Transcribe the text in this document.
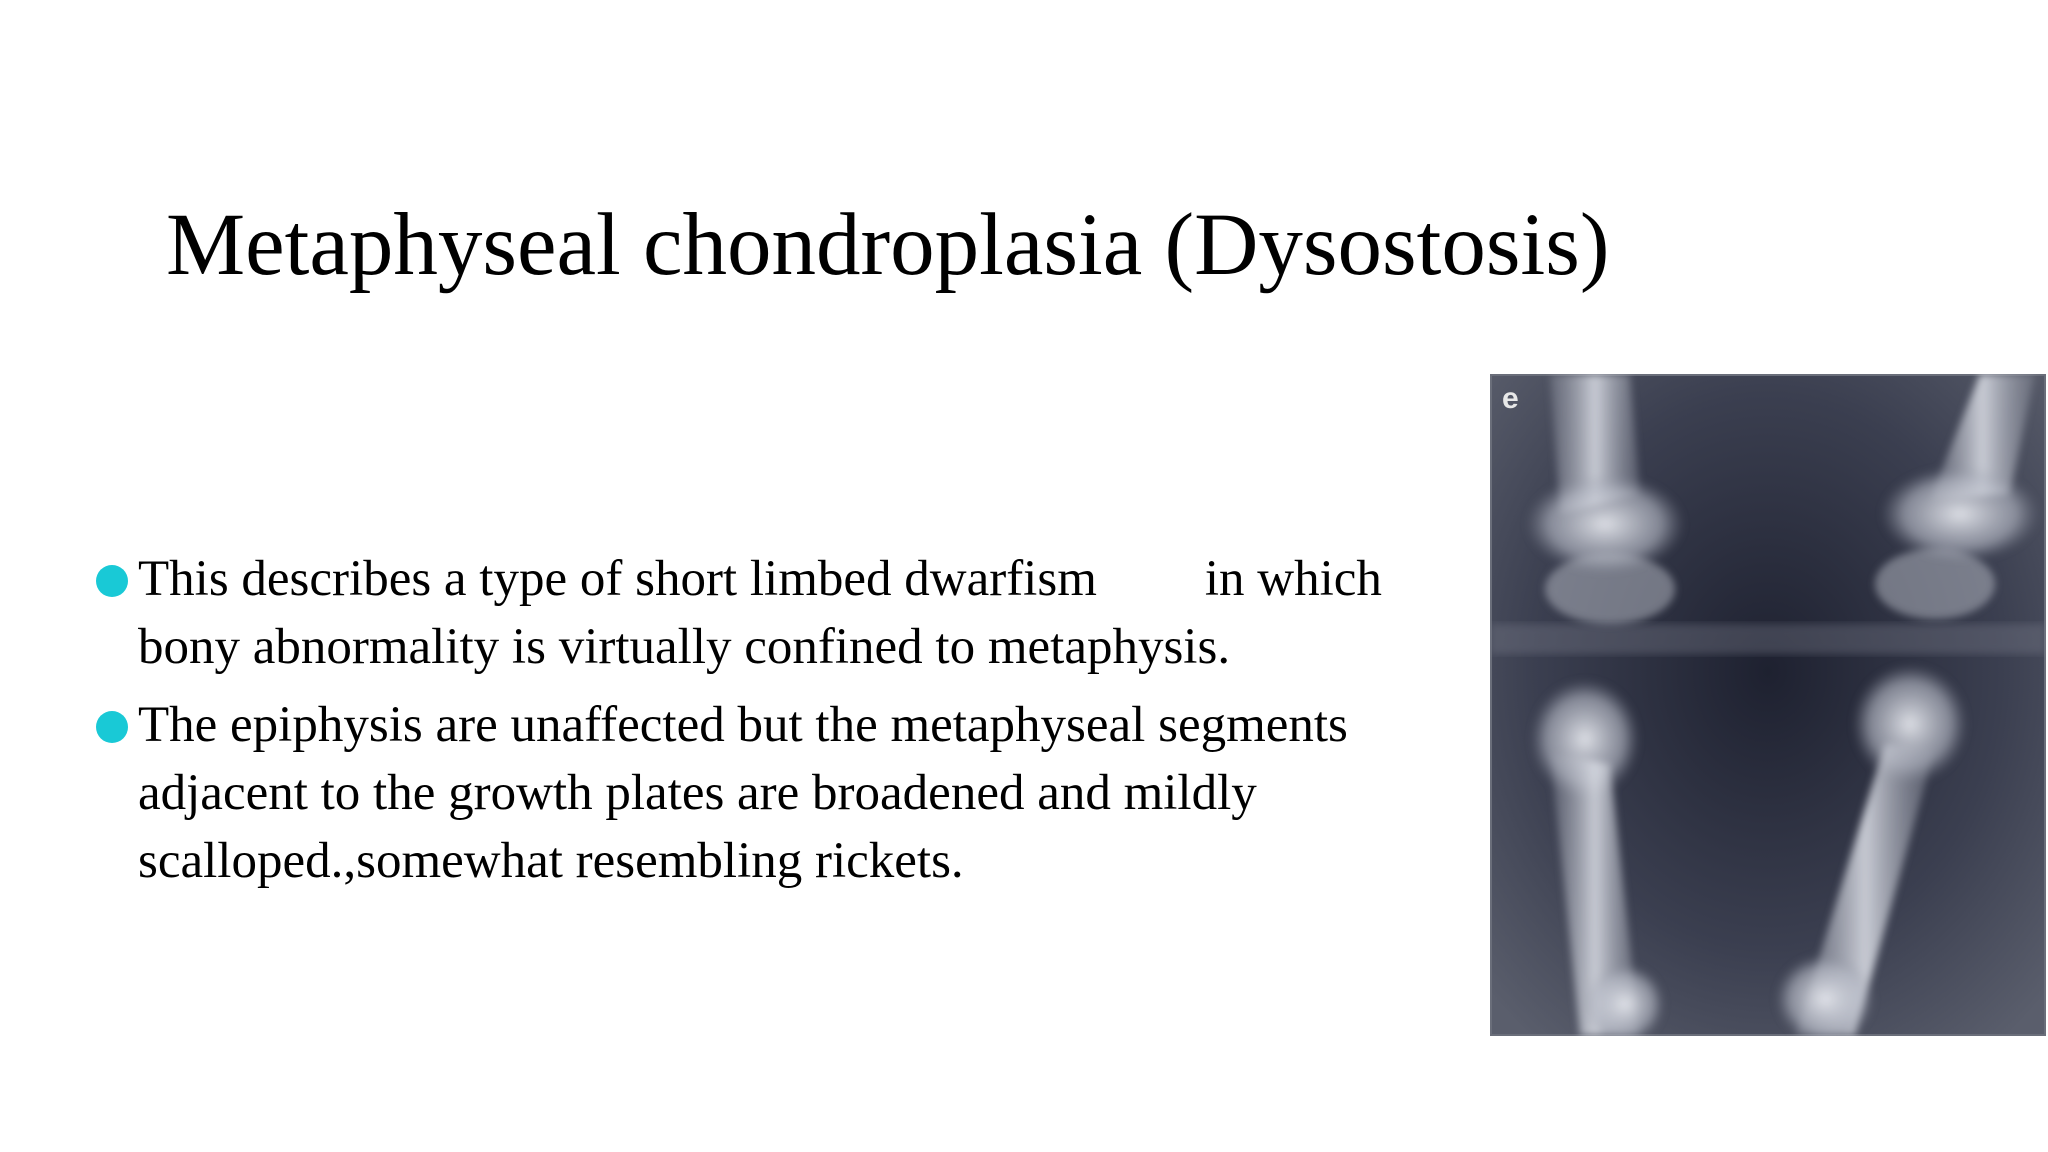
Metaphyseal chondroplasia (Dysostosis)
This describes a type of short limbed dwarfism in which bony abnormality is virtually confined to metaphysis.
The epiphysis are unaffected but the metaphyseal segments adjacent to the growth plates are broadened and mildly scalloped.,somewhat resembling rickets.
e
